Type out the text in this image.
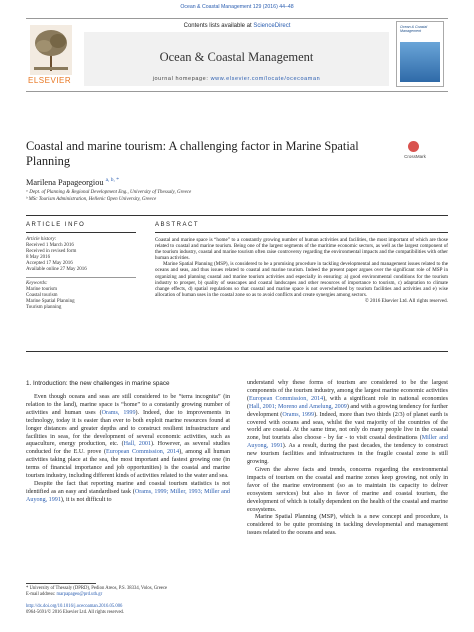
Ocean & Coastal Management 129 (2016) 44–48
ELSEVIER
Contents lists available at ScienceDirect
Ocean & Coastal Management
journal homepage: www.elsevier.com/locate/ocecoaman
Ocean & Coastal Management
Coastal and marine tourism: A challenging factor in Marine Spatial Planning	CrossMark
Marilena Papageorgiou $^{a, b, *}$
ᵃ Dept. of Planning & Regional Development Eng., University of Thessaly, Greece
ᵇ MSc Tourism Administration, Hellenic Open University, Greece
ARTICLE INFO	ABSTRACT
Article history:
Received 1 March 2016
Received in revised form
8 May 2016
Accepted 17 May 2016
Available online 27 May 2016
Keywords:
Marine tourism
Coastal tourism
Marine Spatial Planning
Tourism planning

Coastal and marine space is “home” to a constantly growing number of human activities and facilities, the most important of which are those related to coastal and marine tourism. Being one of the largest segments of the maritime economic sectors, as well as the largest component of the tourism industry, coastal and marine tourism often raise controversy regarding the environmental impacts and the compatibilities with other human activities.

Marine Spatial Planning (MSP), is considered to be a promising procedure in tackling developmental and management issues related to the oceans and seas, and thus issues related to coastal and marine tourism. Indeed the present paper argues over the significant role of MSP in organizing and planning coastal and marine tourism activities and especially in ensuring: a) good environmental conditions for the tourism industry to prosper, b) quality of seascapes and coastal landscapes and other resources of importance to tourism, c) adaptation to climate change effects, d) spatial regulations so that coastal and marine space is not overwhelmed by tourism facilities and activities and e) wise allocation of human uses in the coastal zone so as to avoid conflicts and create synergies among sectors.

© 2016 Elsevier Ltd. All rights reserved.

1. Introduction: the new challenges in marine space

Even though oceans and seas are still considered to be “terra incognita” (in relation to the land), marine space is “home” to a constantly growing number of activities and human uses (Orams, 1999). Indeed, due to improvements in technology, today it is easier than ever to both exploit marine resources found at longer distances and greater depths and to construct resilient infrastructure and facilities in seas, for the development of several economic activities, such as aquaculture, energy production, etc. (Hall, 2001). However, as several studies conducted for the E.U. prove (European Commission, 2014), among all human activities taking place at the sea, the most important and fastest growing one (in terms of financial importance and job opportunities) is the coastal and marine tourism industry, including different kinds of activities related to the water and sea.

Despite the fact that reporting marine and coastal tourism statistics is not identified as an easy and standardised task (Orams, 1999; Miller, 1993; Miller and Auyong, 1991), it is not difficult to

understand why these forms of tourism are considered to be the largest components of the tourism industry, among the largest marine economic activities (European Commission, 2014), with a significant role in national economies (Hall, 2001; Moreno and Amelung, 2009) and with a growing tendency for further development (Orams, 1999). Indeed, more than two thirds (2/3) of planet earth is covered with oceans and seas, whilst the vast majority of the countries of the world are coastal. At the same time, not only do many people live in the coastal zone, but tourists also choose - by far - to visit coastal destinations (Miller and Auyong, 1991). As a result, during the past decades, the tendency to construct new tourism facilities and infrastructures in the fragile coastal zone is still growing.

Given the above facts and trends, concerns regarding the environmental impacts of tourism on the coastal and marine zones keep growing, not only in favor of the marine environment (so as to maintain its capacity to deliver ecosystem services) but also in favor of marine and coastal tourism, the development of which is totally dependent on the health of the coastal and marine ecosystems.

Marine Spatial Planning (MSP), which is a new concept and procedure, is considered to be quite promising in tackling developmental and management issues related to the oceans and seas.

* University of Thessaly (DPRD), Pedion Areos, P.S. 38334, Volos, Greece
E-mail address: marpapageo@prd.uth.gr
http://dx.doi.org/10.1016/j.ocecoaman.2016.05.006
0964-5691/© 2016 Elsevier Ltd. All rights reserved.
